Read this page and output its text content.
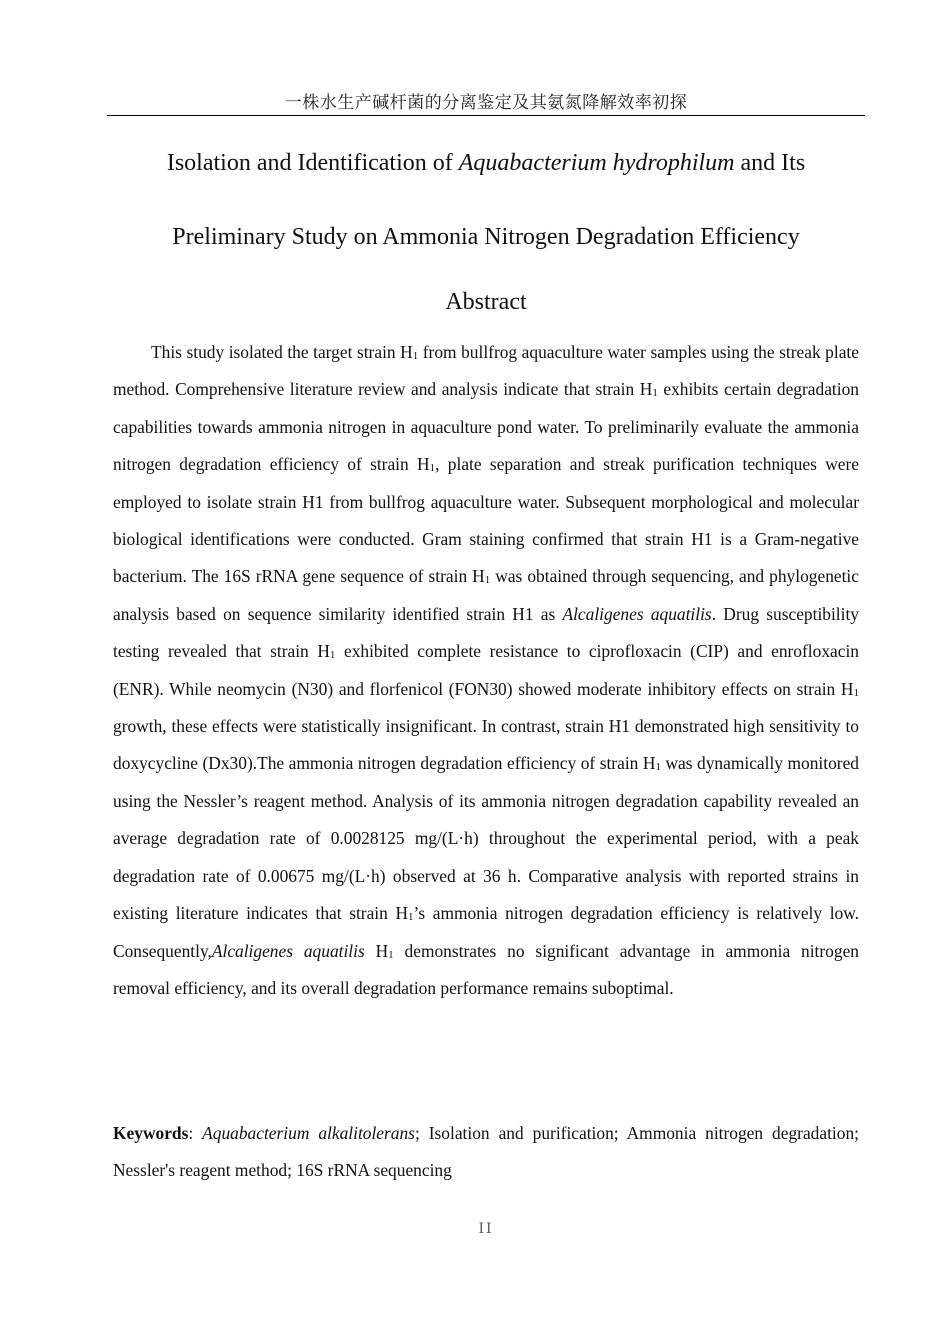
一株水生产碱杆菌的分离鉴定及其氨氮降解效率初探
Isolation and Identification of Aquabacterium hydrophilum and Its
Preliminary Study on Ammonia Nitrogen Degradation Efficiency
Abstract

This study isolated the target strain H1 from bullfrog aquaculture water samples using the streak plate method. Comprehensive literature review and analysis indicate that strain H1 exhibits certain degradation capabilities towards ammonia nitrogen in aquaculture pond water. To preliminarily evaluate the ammonia nitrogen degradation efficiency of strain H1, plate separation and streak purification techniques were employed to isolate strain H1 from bullfrog aquaculture water. Subsequent morphological and molecular biological identifications were conducted. Gram staining confirmed that strain H1 is a Gram-negative bacterium. The 16S rRNA gene sequence of strain H1 was obtained through sequencing, and phylogenetic analysis based on sequence similarity identified strain H1 as Alcaligenes aquatilis. Drug susceptibility testing revealed that strain H1 exhibited complete resistance to ciprofloxacin (CIP) and enrofloxacin (ENR). While neomycin (N30) and florfenicol (FON30) showed moderate inhibitory effects on strain H1 growth, these effects were statistically insignificant. In contrast, strain H1 demonstrated high sensitivity to doxycycline (Dx30).The ammonia nitrogen degradation efficiency of strain H1 was dynamically monitored using the Nessler’s reagent method. Analysis of its ammonia nitrogen degradation capability revealed an average degradation rate of 0.0028125 mg/(L·h) throughout the experimental period, with a peak degradation rate of 0.00675 mg/(L·h) observed at 36 h. Comparative analysis with reported strains in existing literature indicates that strain H1’s ammonia nitrogen degradation efficiency is relatively low. Consequently,Alcaligenes aquatilis H1 demonstrates no significant advantage in ammonia nitrogen removal efficiency, and its overall degradation performance remains suboptimal.

Keywords: Aquabacterium alkalitolerans; Isolation and purification; Ammonia nitrogen degradation; Nessler's reagent method; 16S rRNA sequencing

II
